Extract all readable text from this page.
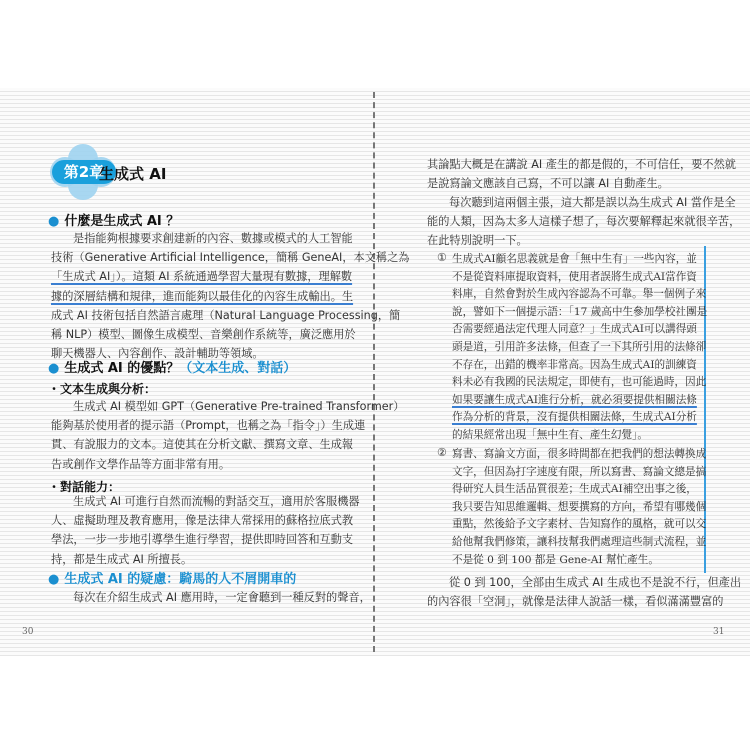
第2章
生成式 AI
● 什麼是生成式 AI ？
是指能夠根據要求創建新的內容、數據或模式的人工智能
技術（Generative Artificial Intelligence，簡稱 GeneAI，本文稱之為
「生成式 AI」）。這類 AI 系統通過學習大量現有數據，理解數
據的深層結構和規律，進而能夠以最佳化的內容生成輸出。生
成式 AI 技術包括自然語言處理（Natural Language Processing，簡
稱 NLP）模型、圖像生成模型、音樂創作系統等，廣泛應用於
聊天機器人、內容創作、設計輔助等領域。
● 生成式 AI 的優點？（文本生成、對話）
・文本生成與分析：
生成式 AI 模型如 GPT（Generative Pre-trained Transformer）
能夠基於使用者的提示語（Prompt，也稱之為「指令」）生成連
貫、有說服力的文本。這使其在分析文獻、撰寫文章、生成報
告或創作文學作品等方面非常有用。
・對話能力：
生成式 AI 可進行自然而流暢的對話交互，適用於客服機器
人、虛擬助理及教育應用，像是法律人常採用的蘇格拉底式教
學法，一步一步地引導學生進行學習，提供即時回答和互動支
持，都是生成式 AI 所擅長。
● 生成式 AI 的疑慮：騎馬的人不屑開車的
每次在介紹生成式 AI 應用時，一定會聽到一種反對的聲音，
30
其論點大概是在講說 AI 產生的都是假的，不可信任，要不然就
是說寫論文應該自己寫，不可以讓 AI 自動產生。
每次聽到這兩個主張，這大都是誤以為生成式 AI 當作是全
能的人類，因為太多人這樣子想了，每次要解釋起來就很辛苦，
在此特別說明一下。
① 生成式AI顧名思義就是會「無中生有」一些內容，並
不是從資料庫提取資料，使用者誤將生成式AI當作資
料庫，自然會對於生成內容認為不可靠。舉一個例子來
說，譬如下一個提示語：「17 歲高中生參加學校社團是
否需要經過法定代理人同意？」生成式AI可以講得頭
頭是道，引用許多法條，但查了一下其所引用的法條卻
不存在，出錯的機率非常高。因為生成式AI的訓練資
料未必有我國的民法規定，即使有，也可能過時，因此
如果要讓生成式AI進行分析，就必須要提供相關法條
作為分析的背景，沒有提供相關法條，生成式AI分析
的結果經常出現「無中生有、產生幻覺」。
② 寫書、寫論文方面，很多時間都在把我們的想法轉換成
文字，但因為打字速度有限，所以寫書、寫論文總是搞
得研究人員生活品質很差；生成式AI補空出事之後，
我只要告知思維邏輯、想要撰寫的方向，希望有哪幾個
重點，然後給予文字素材、告知寫作的風格，就可以交
給他幫我們修策，讓科技幫我們處理這些制式流程，並
不是從 0 到 100 都是 Gene-AI 幫忙產生。
從 0 到 100，全部由生成式 AI 生成也不是說不行，但產出
的內容很「空洞」，就像是法律人說話一樣，看似滿滿豐富的
31
